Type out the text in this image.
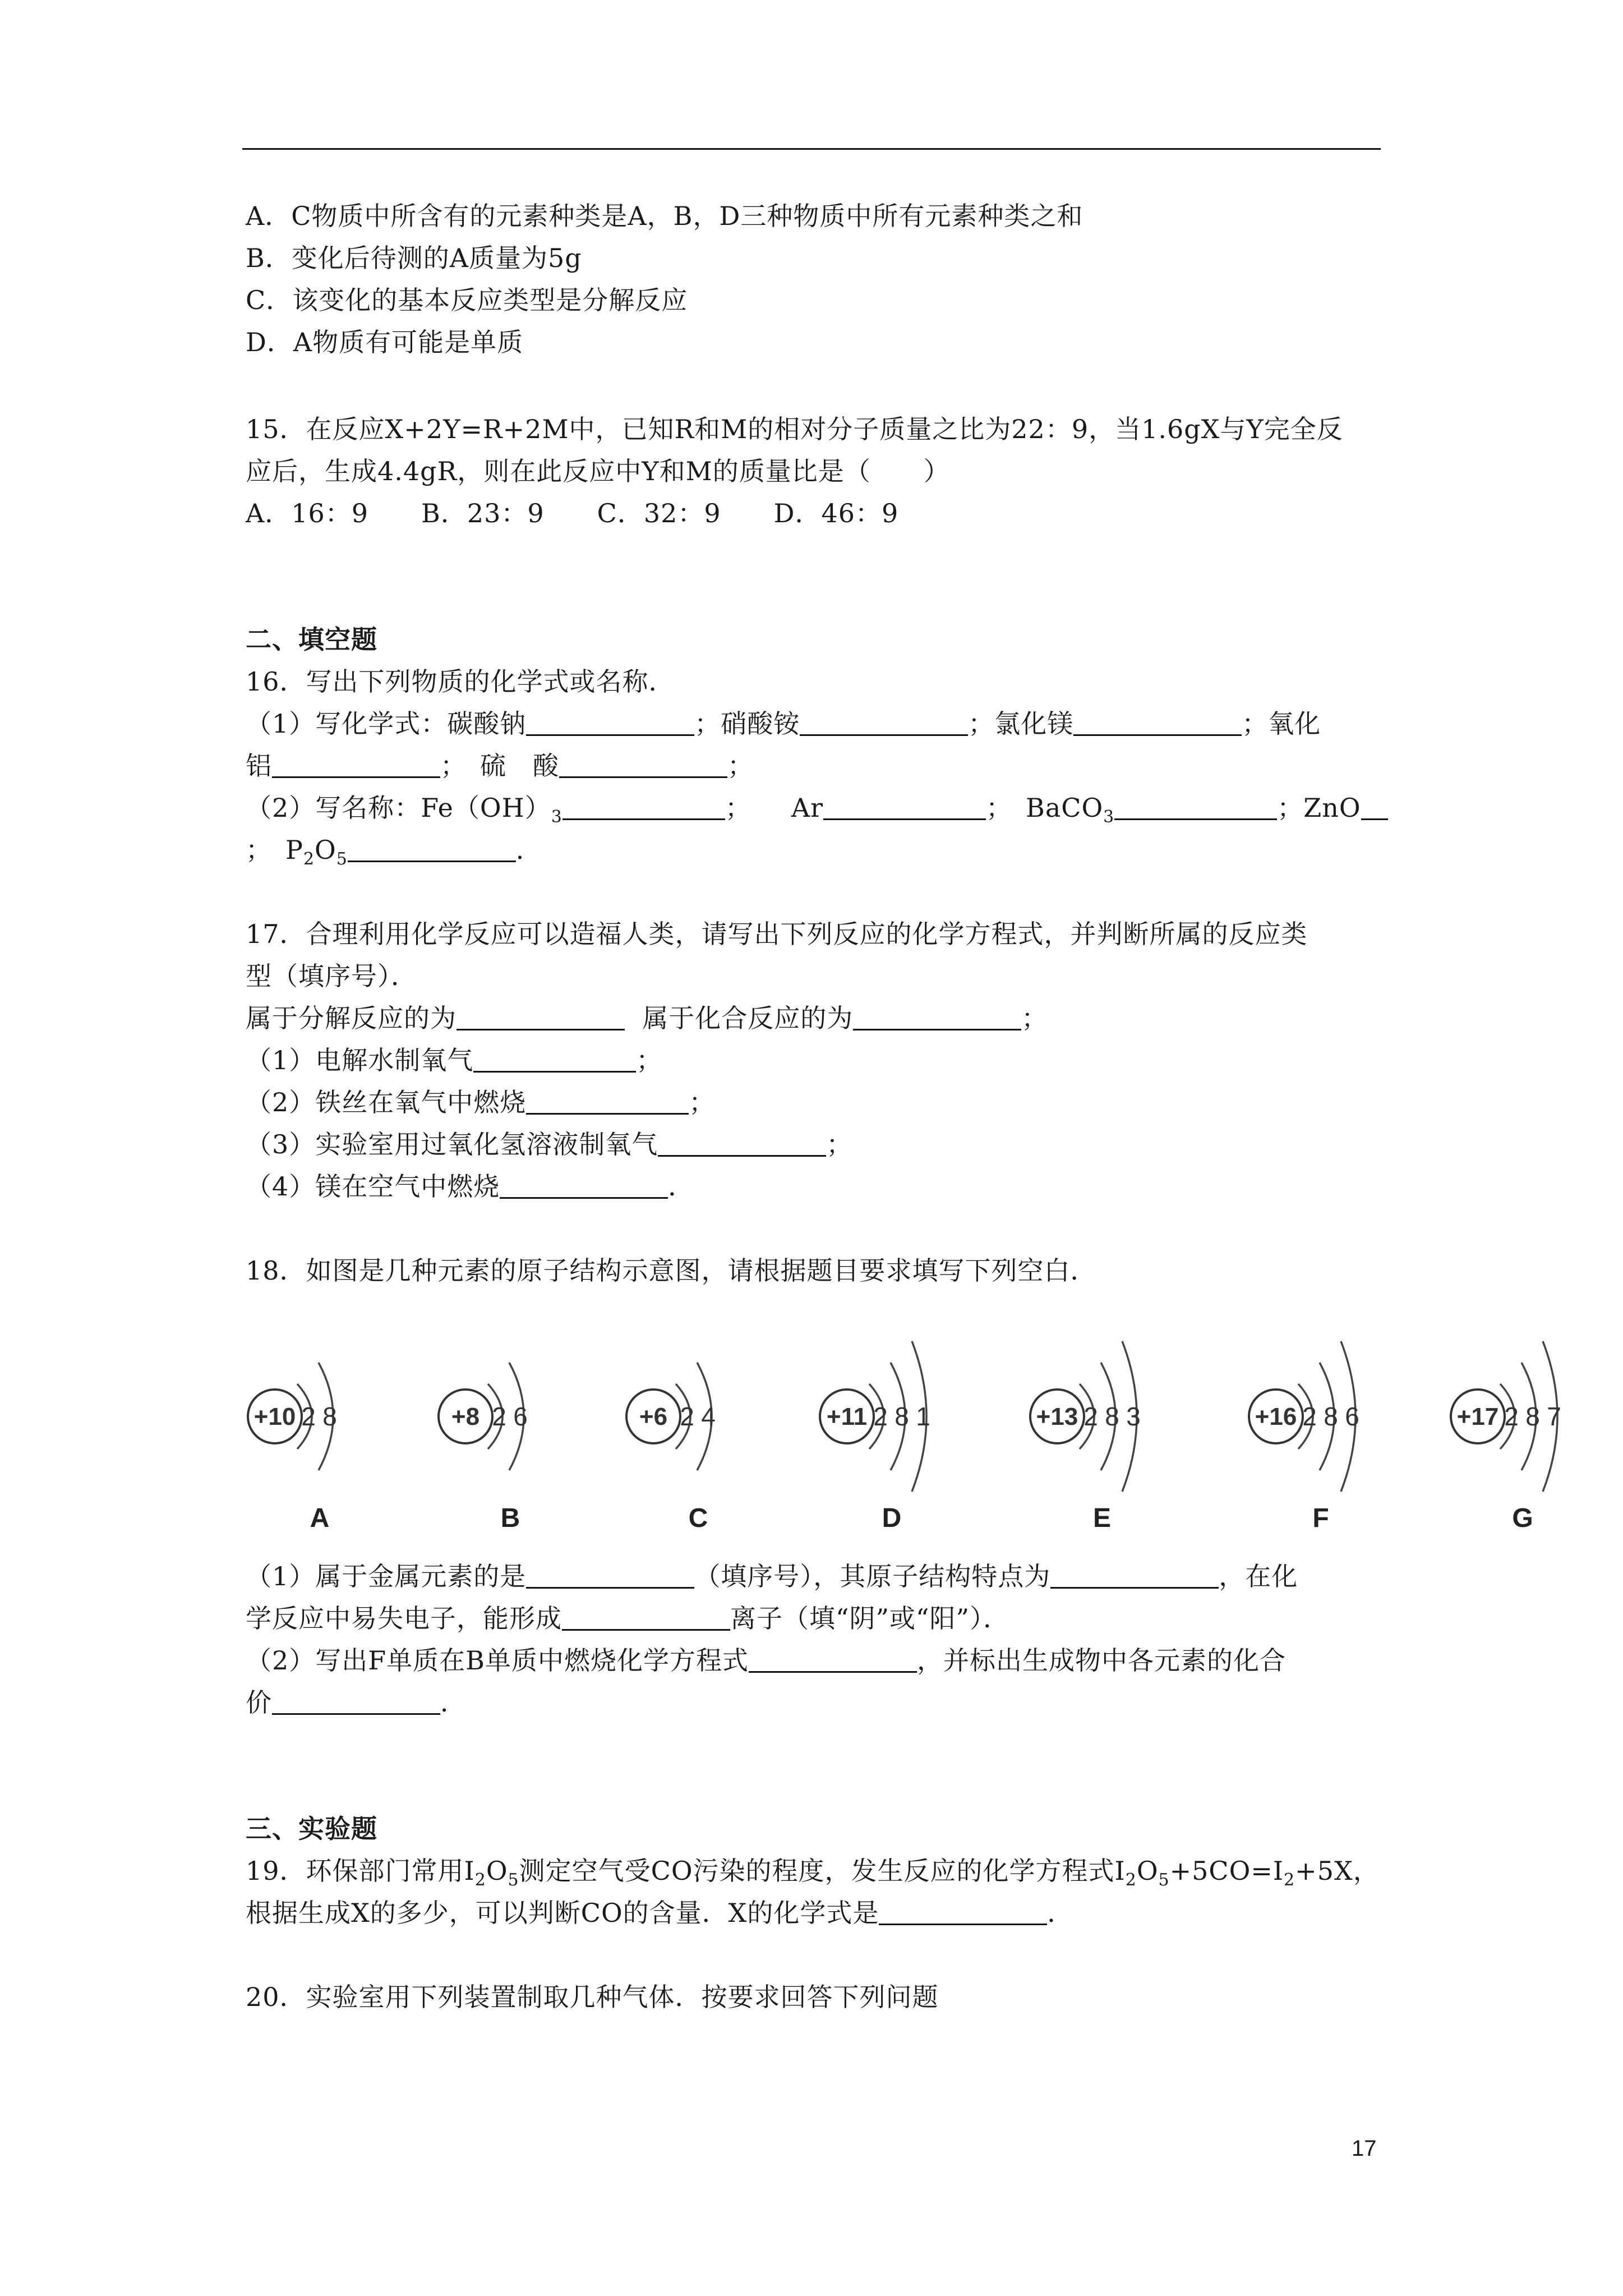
A．C物质中所含有的元素种类是A，B，D三种物质中所有元素种类之和
B．变化后待测的A质量为5g
C．该变化的基本反应类型是分解反应
D．A物质有可能是单质
15．在反应X+2Y=R+2M中，已知R和M的相对分子质量之比为22：9，当1.6gX与Y完全反
应后，生成4.4gR，则在此反应中Y和M的质量比是（　　）
A．16：9　　B．23：9　　C．32：9　　D．46：9
二、填空题
16．写出下列物质的化学式或名称．
（1）写化学式：碳酸钠	；硝酸铵	；氯化镁	；氧化
铝	；　硫　酸	；
（2）写名称：$Fe(OH)_3$	；　　Ar	；　BaCO$_3$	；ZnO
；　$P_2O_5$	．
17．合理利用化学反应可以造福人类，请写出下列反应的化学方程式，并判断所属的反应类
型（填序号）．
属于分解反应的为	属于化合反应的为	；
（1）电解水制氧气	；
（2）铁丝在氧气中燃烧	；
（3）实验室用过氧化氢溶液制氧气	；
（4）镁在空气中燃烧	．
18．如图是几种元素的原子结构示意图，请根据题目要求填写下列空白．
+10 2 8
A
+8 2 6
B
+6 2 4
C
+11 2 8 1
D
+13 2 8 3
E
+16 2 8 6
F
+17 2 8 7
G
（1）属于金属元素的是	（填序号），其原子结构特点为	，在化
学反应中易失电子，能形成	离子（填“阴”或“阳”）．
（2）写出F单质在B单质中燃烧化学方程式	，并标出生成物中各元素的化合
价	．
三、实验题
19．环保部门常用$I_2O_5$测定空气受CO污染的程度，发生反应的化学方程式$I_2O_5+5CO=I_2+5X$，
根据生成X的多少，可以判断CO的含量．X的化学式是	．
20．实验室用下列装置制取几种气体．按要求回答下列问题
17
